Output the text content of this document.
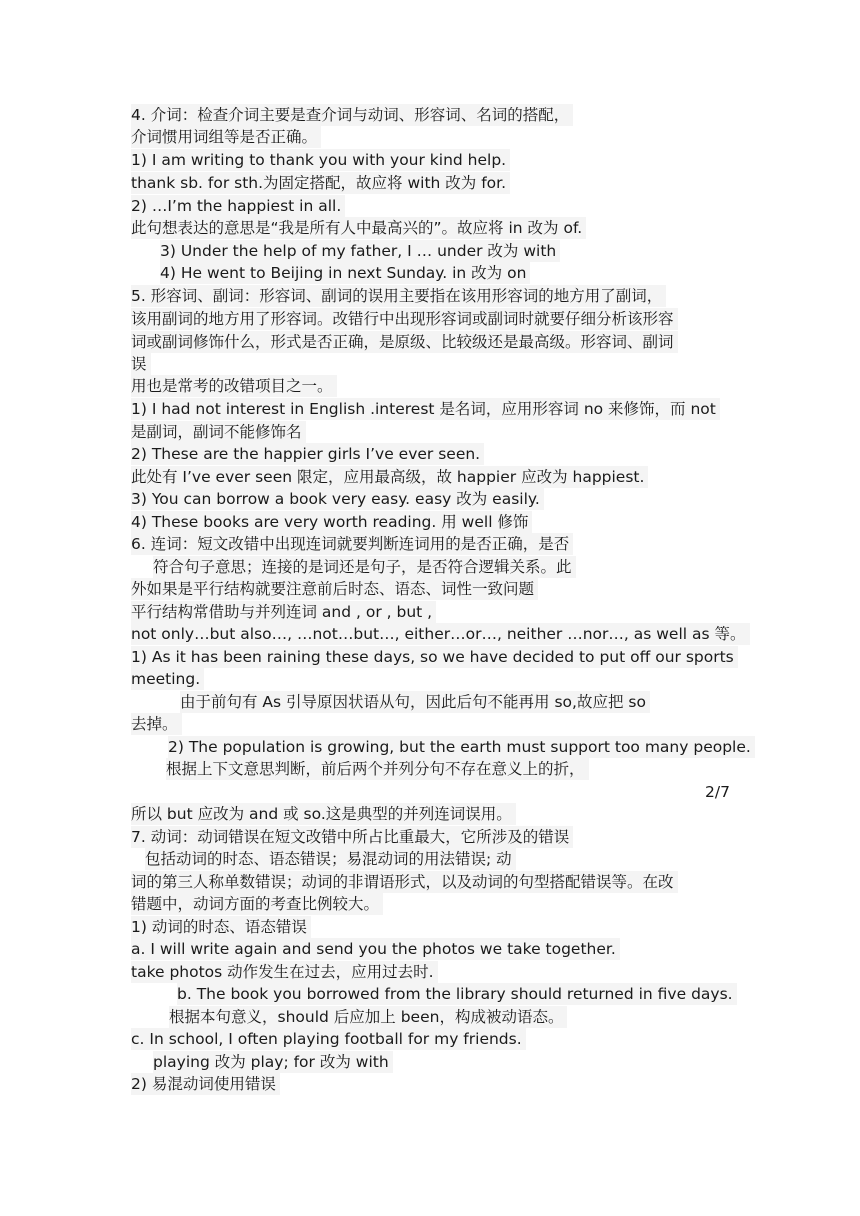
4. 介词：检查介词主要是查介词与动词、形容词、名词的搭配，
介词惯用词组等是否正确。
1) I am writing to thank you with your kind help.
thank sb. for sth.为固定搭配，故应将 with 改为 for.
2) …I’m the happiest in all.
此句想表达的意思是“我是所有人中最高兴的”。故应将 in 改为 of.
3) Under the help of my father, I … under 改为 with
4) He went to Beijing in next Sunday. in 改为 on
5. 形容词、副词：形容词、副词的误用主要指在该用形容词的地方用了副词，
该用副词的地方用了形容词。改错行中出现形容词或副词时就要仔细分析该形容
词或副词修饰什么，形式是否正确，是原级、比较级还是最高级。形容词、副词
误
用也是常考的改错项目之一。
1) I had not interest in English .interest 是名词，应用形容词 no 来修饰，而 not
是副词，副词不能修饰名
2) These are the happier girls I’ve ever seen.
此处有 I’ve ever seen 限定，应用最高级，故 happier 应改为 happiest.
3) You can borrow a book very easy. easy 改为 easily.
4) These books are very worth reading. 用 well 修饰
6. 连词：短文改错中出现连词就要判断连词用的是否正确，是否
符合句子意思；连接的是词还是句子，是否符合逻辑关系。此
外如果是平行结构就要注意前后时态、语态、词性一致问题
平行结构常借助与并列连词 and , or , but ,
not only…but also…, …not…but…, either…or…, neither …nor…, as well as 等。
1) As it has been raining these days, so we have decided to put off our sports
meeting.
由于前句有 As 引导原因状语从句，因此后句不能再用 so,故应把 so
去掉。
2) The population is growing, but the earth must support too many people.
根据上下文意思判断，前后两个并列分句不存在意义上的折，
2/7
所以 but 应改为 and 或 so.这是典型的并列连词误用。
7. 动词：动词错误在短文改错中所占比重最大，它所涉及的错误
包括动词的时态、语态错误；易混动词的用法错误; 动
词的第三人称单数错误；动词的非谓语形式，以及动词的句型搭配错误等。在改
错题中，动词方面的考查比例较大。
1) 动词的时态、语态错误
a. I will write again and send you the photos we take together.
take photos 动作发生在过去，应用过去时.
b. The book you borrowed from the library should returned in five days.
根据本句意义，should 后应加上 been，构成被动语态。
c. In school, I often playing football for my friends.
playing 改为 play; for 改为 with
2) 易混动词使用错误
